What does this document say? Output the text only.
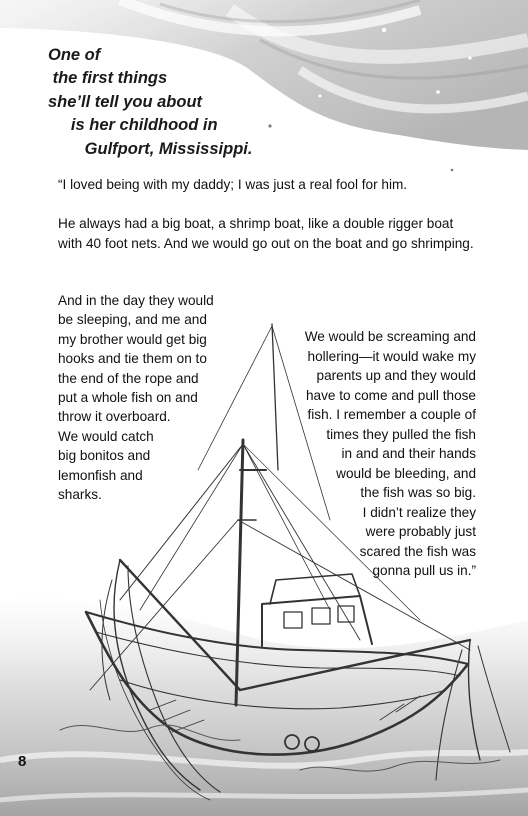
One of
the first things
she’ll tell you about
is her childhood in
Gulfport, Mississippi.

“I loved being with my daddy; I was just a real fool for him.

He always had a big boat, a shrimp boat, like a double rigger boat with 40 foot nets. And we would go out on the boat and go shrimping.

And in the day they would
be sleeping, and me and
my brother would get big
hooks and tie them on to
the end of the rope and
put a whole fish on and
throw it overboard.
We would catch
big bonitos and
lemonfish and
sharks.
We would be screaming and
hollering—it would wake my
parents up and they would
have to come and pull those
fish. I remember a couple of
times they pulled the fish
in and and their hands
would be bleeding, and
the fish was so big.
I didn’t realize they
were probably just
scared the fish was
gonna pull us in.”
8
